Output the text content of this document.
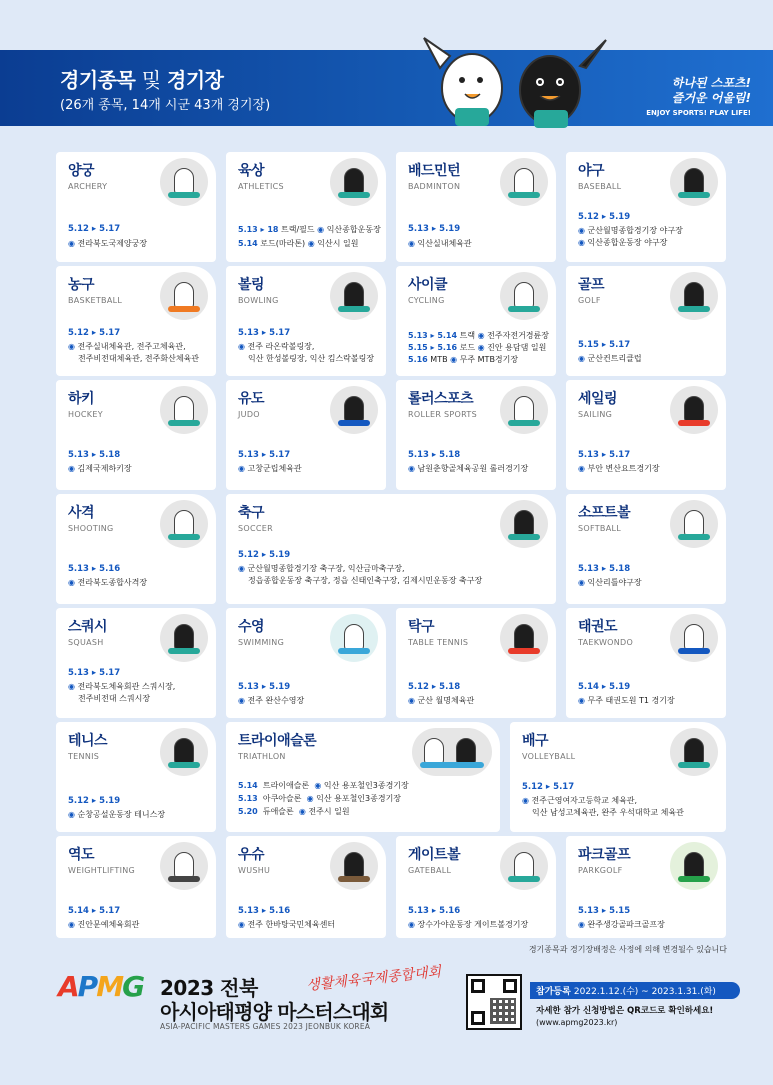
경기종목 및 경기장
(26개 종목, 14개 시군 43개 경기장)
하나된 스포츠!
즐거운 어울림!
ENJOY SPORTS! PLAY LIFE!
양궁
ARCHERY
5.12 ▸ 5.17
◉ 전라북도국제양궁장
육상
ATHLETICS
5.13 ▸ 18 트랙/필드 ◉ 익산종합운동장
5.14 로드(마라톤) ◉ 익산시 일원
배드민턴
BADMINTON
5.13 ▸ 5.19
◉ 익산실내체육관
야구
BASEBALL
5.12 ▸ 5.19
◉ 군산월명종합경기장 야구장
◉ 익산종합운동장 야구장
농구
BASKETBALL
5.12 ▸ 5.17
◉ 전주실내체육관, 전주고체육관,
전주비전대체육관, 전주화산체육관
볼링
BOWLING
5.13 ▸ 5.17
◉ 전주 라온락볼링장,
익산 한성볼링장, 익산 킴스락볼링장
사이클
CYCLING
5.13 ▸ 5.14 트랙 ◉ 전주자전거경륜장
5.15 ▸ 5.16 로드 ◉ 진안 용담댐 일원
5.16 MTB ◉ 무주 MTB경기장
골프
GOLF
5.15 ▸ 5.17
◉ 군산컨트리클럽
하키
HOCKEY
5.13 ▸ 5.18
◉ 김제국제하키장
유도
JUDO
5.13 ▸ 5.17
◉ 고창군립체육관
롤러스포츠
ROLLER SPORTS
5.13 ▸ 5.18
◉ 남원춘향골체육공원 롤러경기장
세일링
SAILING
5.13 ▸ 5.17
◉ 부안 변산요트경기장
사격
SHOOTING
5.13 ▸ 5.16
◉ 전라북도종합사격장
축구
SOCCER
5.12 ▸ 5.19
◉ 군산월명종합경기장 축구장, 익산금마축구장,
정읍종합운동장 축구장, 정읍 신태인축구장, 김제시민운동장 축구장
소프트볼
SOFTBALL
5.13 ▸ 5.18
◉ 익산리틀야구장
스쿼시
SQUASH
5.13 ▸ 5.17
◉ 전라북도체육회관 스쿼시장,
전주비전대 스쿼시장
수영
SWIMMING
5.13 ▸ 5.19
◉ 전주 완산수영장
탁구
TABLE TENNIS
5.12 ▸ 5.18
◉ 군산 월명체육관
태권도
TAEKWONDO
5.14 ▸ 5.19
◉ 무주 태권도원 T1 경기장
테니스
TENNIS
5.12 ▸ 5.19
◉ 순창공설운동장 테니스장
트라이애슬론
TRIATHLON
5.14 트라이애슬론 ◉ 익산 용포철인3종경기장
5.13 아쿠아슬론 ◉ 익산 용포철인3종경기장
5.20 듀애슬론 ◉ 전주시 일원
배구
VOLLEYBALL
5.12 ▸ 5.17
◉ 전주근영여자고등학교 체육관,
익산 남성고체육관, 완주 우석대학교 체육관
역도
WEIGHTLIFTING
5.14 ▸ 5.17
◉ 진안문예체육회관
우슈
WUSHU
5.13 ▸ 5.16
◉ 전주 한바탕국민체육센터
게이트볼
GATEBALL
5.13 ▸ 5.16
◉ 장수가야운동장 게이트볼경기장
파크골프
PARKGOLF
5.13 ▸ 5.15
◉ 완주생강골파크골프장
경기종목과 경기장배정은 사정에 의해 변경될수 있습니다
APMG	생활체육국제종합대회
2023 전북
아시아태평양 마스터스대회
ASIA-PACIFIC MASTERS GAMES 2023 JEONBUK KOREA
참가등록 2022.1.12.(수) ~ 2023.1.31.(화)
자세한 참가 신청방법은 QR코드로 확인하세요!
(www.apmg2023.kr)
